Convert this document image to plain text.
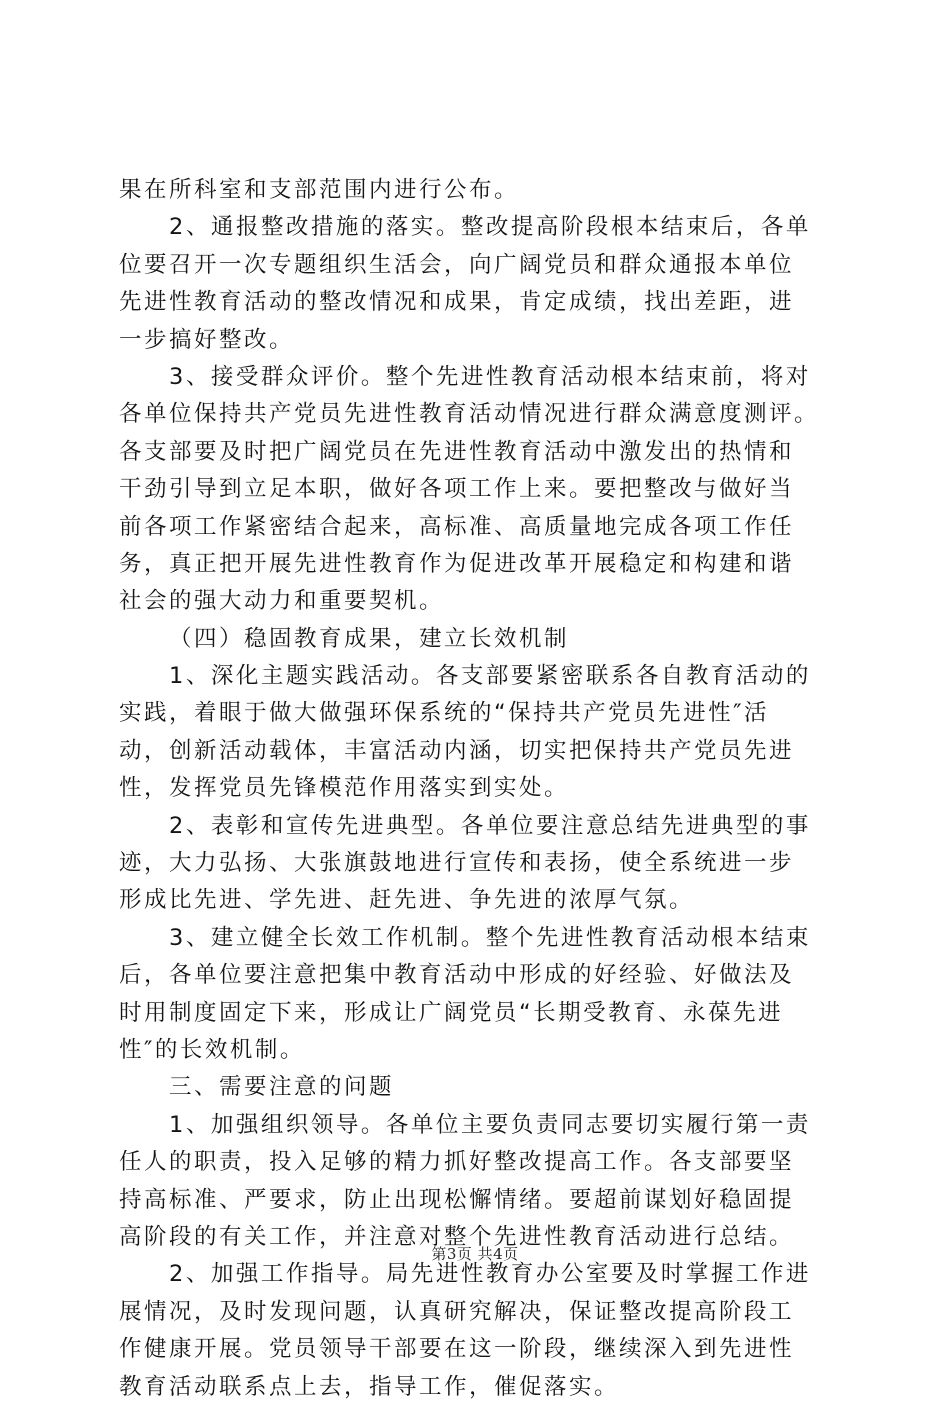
果在所科室和支部范围内进行公布。
2、通报整改措施的落实。整改提高阶段根本结束后，各单
位要召开一次专题组织生活会，向广阔党员和群众通报本单位
先进性教育活动的整改情况和成果，肯定成绩，找出差距，进
一步搞好整改。
3、接受群众评价。整个先进性教育活动根本结束前，将对
各单位保持共产党员先进性教育活动情况进行群众满意度测评。
各支部要及时把广阔党员在先进性教育活动中激发出的热情和
干劲引导到立足本职，做好各项工作上来。要把整改与做好当
前各项工作紧密结合起来，高标准、高质量地完成各项工作任
务，真正把开展先进性教育作为促进改革开展稳定和构建和谐
社会的强大动力和重要契机。
（四）稳固教育成果，建立长效机制
1、深化主题实践活动。各支部要紧密联系各自教育活动的
实践，着眼于做大做强环保系统的“保持共产党员先进性″活
动，创新活动载体，丰富活动内涵，切实把保持共产党员先进
性，发挥党员先锋模范作用落实到实处。
2、表彰和宣传先进典型。各单位要注意总结先进典型的事
迹，大力弘扬、大张旗鼓地进行宣传和表扬，使全系统进一步
形成比先进、学先进、赶先进、争先进的浓厚气氛。
3、建立健全长效工作机制。整个先进性教育活动根本结束
后，各单位要注意把集中教育活动中形成的好经验、好做法及
时用制度固定下来，形成让广阔党员“长期受教育、永葆先进
性″的长效机制。
三、需要注意的问题
1、加强组织领导。各单位主要负责同志要切实履行第一责
任人的职责，投入足够的精力抓好整改提高工作。各支部要坚
持高标准、严要求，防止出现松懈情绪。要超前谋划好稳固提
高阶段的有关工作，并注意对整个先进性教育活动进行总结。
2、加强工作指导。局先进性教育办公室要及时掌握工作进
展情况，及时发现问题，认真研究解决，保证整改提高阶段工
作健康开展。党员领导干部要在这一阶段，继续深入到先进性
教育活动联系点上去，指导工作，催促落实。
第3页 共4页
